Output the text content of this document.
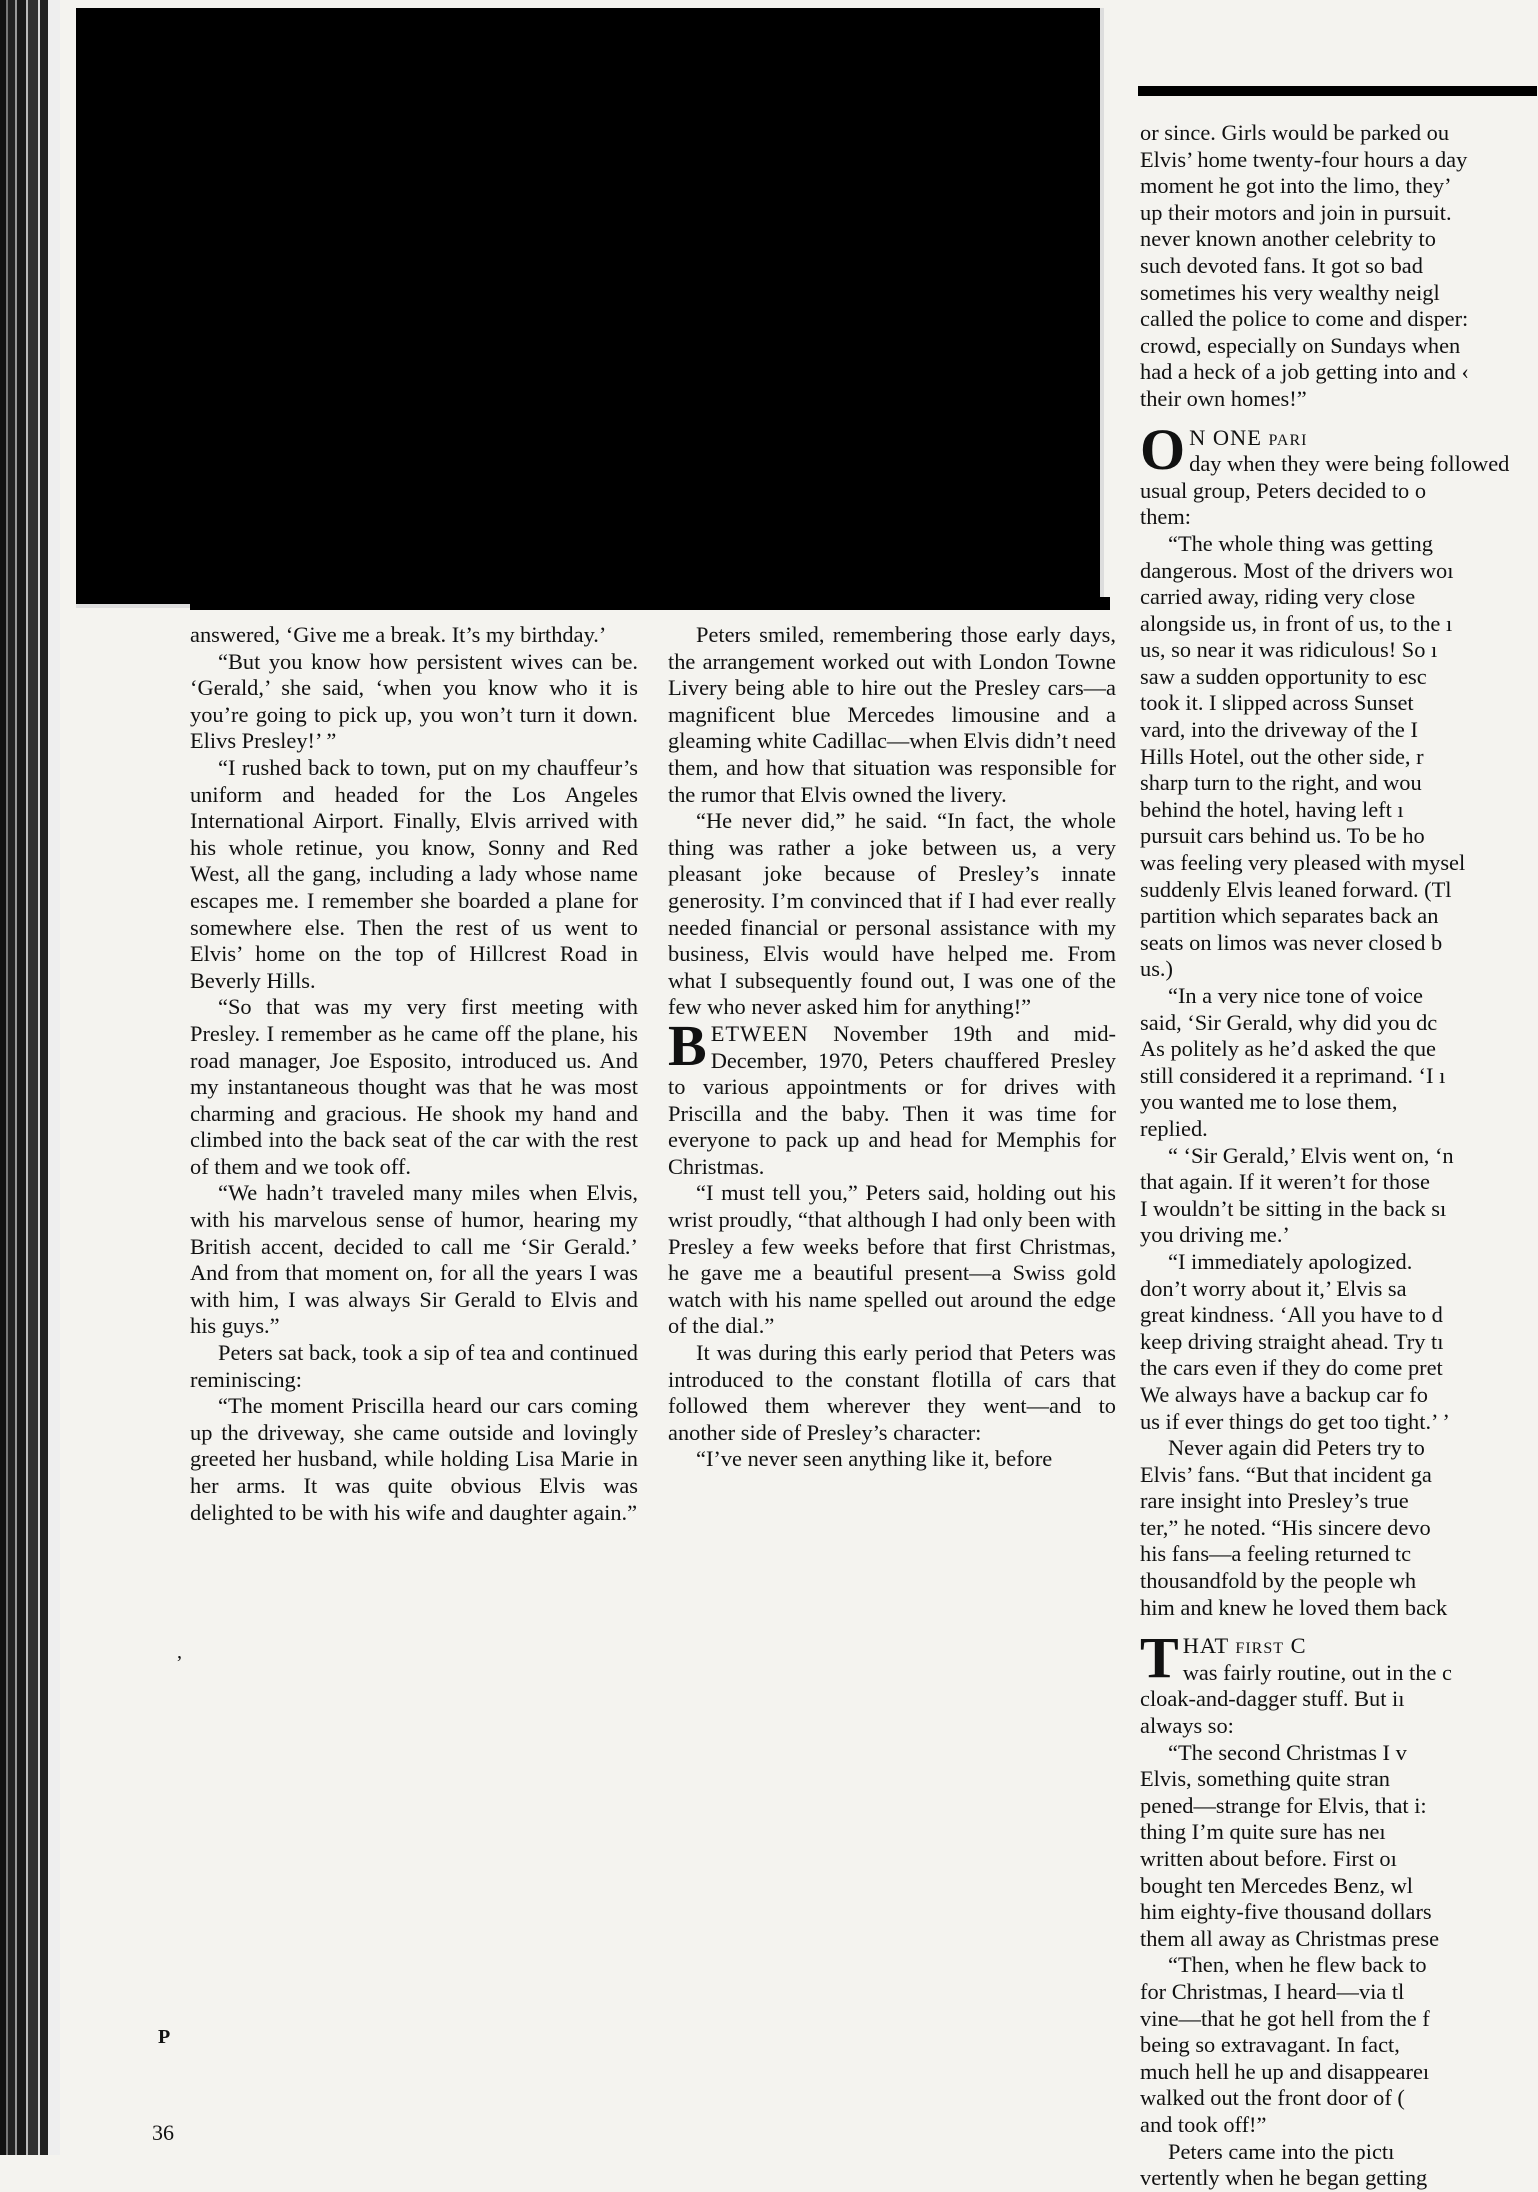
answered, ‘Give me a break. It’s my birthday.’

“But you know how persistent wives can be. ‘Gerald,’ she said, ‘when you know who it is you’re going to pick up, you won’t turn it down. Elivs Presley!’ ”

“I rushed back to town, put on my chauffeur’s uniform and headed for the Los Angeles International Airport. Finally, Elvis arrived with his whole retinue, you know, Sonny and Red West, all the gang, including a lady whose name escapes me. I remember she boarded a plane for somewhere else. Then the rest of us went to Elvis’ home on the top of Hillcrest Road in Beverly Hills.

“So that was my very first meeting with Presley. I remember as he came off the plane, his road manager, Joe Esposito, introduced us. And my instantaneous thought was that he was most charming and gracious. He shook my hand and climbed into the back seat of the car with the rest of them and we took off.

“We hadn’t traveled many miles when Elvis, with his marvelous sense of humor, hearing my British accent, decided to call me ‘Sir Gerald.’ And from that moment on, for all the years I was with him, I was always Sir Gerald to Elvis and his guys.”

Peters sat back, took a sip of tea and continued reminiscing:

“The moment Priscilla heard our cars coming up the driveway, she came outside and lovingly greeted her husband, while holding Lisa Marie in her arms. It was quite obvious Elvis was delighted to be with his wife and daughter again.”

Peters smiled, remembering those early days, the arrangement worked out with London Towne Livery being able to hire out the Presley cars—a magnificent blue Mercedes limousine and a gleaming white Cadillac—when Elvis didn’t need them, and how that situation was responsible for the rumor that Elvis owned the livery.

“He never did,” he said. “In fact, the whole thing was rather a joke between us, a very pleasant joke because of Presley’s innate generosity. I’m convinced that if I had ever really needed financial or personal assistance with my business, Elvis would have helped me. From what I subsequently found out, I was one of the few who never asked him for anything!”

BETWEEN November 19th and mid-December, 1970, Peters chauffered Presley to various appointments or for drives with Priscilla and the baby. Then it was time for everyone to pack up and head for Memphis for Christmas.

“I must tell you,” Peters said, holding out his wrist proudly, “that although I had only been with Presley a few weeks before that first Christmas, he gave me a beautiful present—a Swiss gold watch with his name spelled out around the edge of the dial.”

It was during this early period that Peters was introduced to the constant flotilla of cars that followed them wherever they went—and to another side of Presley’s character:

“I’ve never seen anything like it, before

or since. Girls would be parked ou

Elvis’ home twenty-four hours a day

moment he got into the limo, they’

up their motors and join in pursuit.

never known another celebrity to

such devoted fans. It got so bad

sometimes his very wealthy neigl

called the police to come and disper:

crowd, especially on Sundays when

had a heck of a job getting into and ‹

their own homes!”

O N ONE parı

day when they were being followed

usual group, Peters decided to o

them:

“The whole thing was getting

dangerous. Most of the drivers woı

carried away, riding very close

alongside us, in front of us, to the ı

us, so near it was ridiculous! So ı

saw a sudden opportunity to esc

took it. I slipped across Sunset

vard, into the driveway of the I

Hills Hotel, out the other side, r

sharp turn to the right, and wou

behind the hotel, having left ı

pursuit cars behind us. To be ho

was feeling very pleased with mysel

suddenly Elvis leaned forward. (Tl

partition which separates back an

seats on limos was never closed b

us.)

“In a very nice tone of voice

said, ‘Sir Gerald, why did you dc

As politely as he’d asked the que

still considered it a reprimand. ‘I ı

you wanted me to lose them,

replied.

“ ‘Sir Gerald,’ Elvis went on, ‘n

that again. If it weren’t for those

I wouldn’t be sitting in the back sı

you driving me.’

“I immediately apologized.

don’t worry about it,’ Elvis sa

great kindness. ‘All you have to d

keep driving straight ahead. Try tı

the cars even if they do come pret

We always have a backup car fo

us if ever things do get too tight.’ ’

Never again did Peters try to

Elvis’ fans. “But that incident ga

rare insight into Presley’s true

ter,” he noted. “His sincere devo

his fans—a feeling returned tc

thousandfold by the people wh

him and knew he loved them back

THAT first C

was fairly routine, out in the c

cloak-and-dagger stuff. But iı

always so:

“The second Christmas I v

Elvis, something quite stran

pened—strange for Elvis, that i:

thing I’m quite sure has neı

written about before. First oı

bought ten Mercedes Benz, wl

him eighty-five thousand dollars

them all away as Christmas prese

“Then, when he flew back to

for Christmas, I heard—via tl

vine—that he got hell from the f

being so extravagant. In fact,

much hell he up and disappeareı

walked out the front door of (

and took off!”

Peters came into the pictı

vertently when he began getting

P
’
36
